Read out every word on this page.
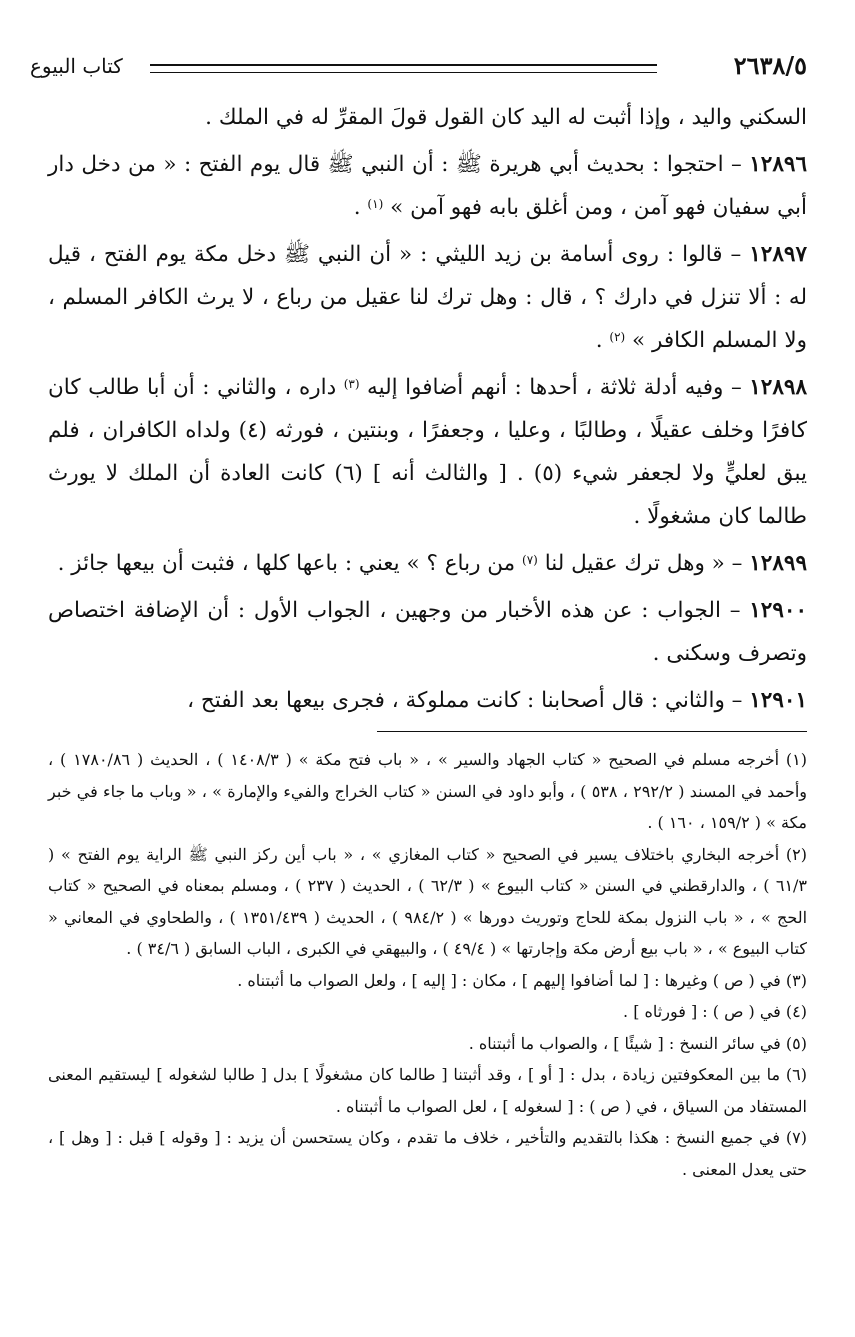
٢٦٣٨/٥
كتاب البيوع

السكني واليد ، وإذا أثبت له اليد كان القول قولَ المقرِّ له في الملك .

١٢٨٩٦ – احتجوا : بحديث أبي هريرة ﷺ : أن النبي ﷺ قال يوم الفتح : « من دخل دار أبي سفيان فهو آمن ، ومن أغلق بابه فهو آمن » $^{(١)}$ .

١٢٨٩٧ – قالوا : روى أسامة بن زيد الليثي : « أن النبي ﷺ دخل مكة يوم الفتح ، قيل له : ألا تنزل في دارك ؟ ، قال : وهل ترك لنا عقيل من رباع ، لا يرث الكافر المسلم ، ولا المسلم الكافر » $^{(٢)}$ .

١٢٨٩٨ – وفيه أدلة ثلاثة ، أحدها : أنهم أضافوا إليه $^{(٣)}$ داره ، والثاني : أن أبا طالب كان كافرًا وخلف عقيلًا ، وطالبًا ، وعليا ، وجعفرًا ، وبنتين ، فورثه (٤) ولداه الكافران ، فلم يبق لعليٍّ ولا لجعفر شيء (٥) . [ والثالث أنه ] (٦) كانت العادة أن الملك لا يورث طالما كان مشغولًا .

١٢٨٩٩ – « وهل ترك عقيل لنا $^{(٧)}$ من رباع ؟ » يعني : باعها كلها ، فثبت أن بيعها جائز .

١٢٩٠٠ – الجواب : عن هذه الأخبار من وجهين ، الجواب الأول : أن الإضافة اختصاص وتصرف وسكنى .

١٢٩٠١ – والثاني : قال أصحابنا : كانت مملوكة ، فجرى بيعها بعد الفتح ،

(١) أخرجه مسلم في الصحيح « كتاب الجهاد والسير » ، « باب فتح مكة » ( ١٤٠٨/٣ ) ، الحديث ( ١٧٨٠/٨٦ ) ، وأحمد في المسند ( ٢٩٢/٢ ، ٥٣٨ ) ، وأبو داود في السنن « كتاب الخراج والفيء والإمارة » ، « وباب ما جاء في خبر مكة » ( ١٥٩/٢ ، ١٦٠ ) .

(٢) أخرجه البخاري باختلاف يسير في الصحيح « كتاب المغازي » ، « باب أين ركز النبي ﷺ الراية يوم الفتح » ( ٦١/٣ ) ، والدارقطني في السنن « كتاب البيوع » ( ٦٢/٣ ) ، الحديث ( ٢٣٧ ) ، ومسلم بمعناه في الصحيح « كتاب الحج » ، « باب النزول بمكة للحاج وتوريث دورها » ( ٩٨٤/٢ ) ، الحديث ( ١٣٥١/٤٣٩ ) ، والطحاوي في المعاني « كتاب البيوع » ، « باب بيع أرض مكة وإجارتها » ( ٤٩/٤ ) ، والبيهقي في الكبرى ، الباب السابق ( ٣٤/٦ ) .

(٣) في ( ص ) وغيرها : [ لما أضافوا إليهم ] ، مكان : [ إليه ] ، ولعل الصواب ما أثبتناه .

(٤) في ( ص ) : [ فورثاه ] .

(٥) في سائر النسخ : [ شيئًا ] ، والصواب ما أثبتناه .

(٦) ما بين المعكوفتين زيادة ، بدل : [ أو ] ، وقد أثبتنا [ طالما كان مشغولًا ] بدل [ طالبا لشغوله ] ليستقيم المعنى المستفاد من السياق ، في ( ص ) : [ لسغوله ] ، لعل الصواب ما أثبتناه .

(٧) في جميع النسخ : هكذا بالتقديم والتأخير ، خلاف ما تقدم ، وكان يستحسن أن يزيد : [ وقوله ] قبل : [ وهل ] ، حتى يعدل المعنى .
